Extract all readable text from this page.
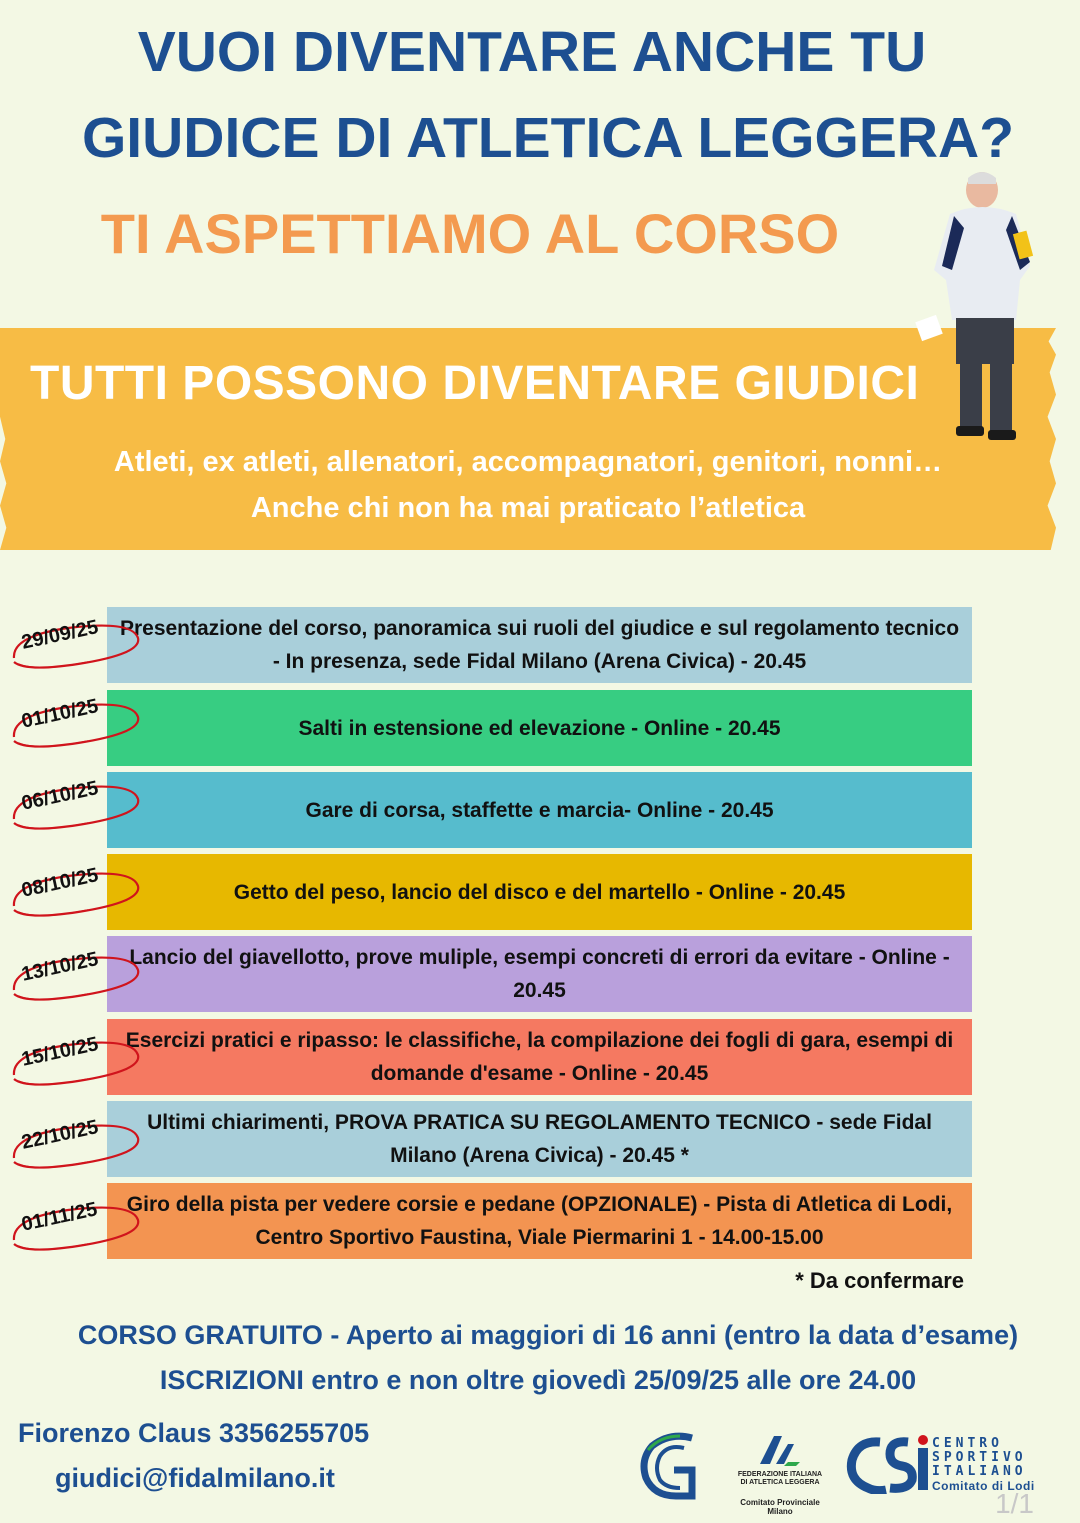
VUOI DIVENTARE ANCHE TU
GIUDICE DI ATLETICA LEGGERA?
TI ASPETTIAMO AL CORSO
TUTTI POSSONO DIVENTARE GIUDICI
Atleti, ex atleti, allenatori, accompagnatori, genitori, nonni…
Anche chi non ha mai praticato l’atletica
Presentazione del corso, panoramica sui ruoli del giudice e sul regolamento tecnico - In presenza, sede Fidal Milano (Arena Civica) - 20.45
29/09/25
Salti in estensione ed elevazione - Online - 20.45
01/10/25
Gare di corsa, staffette e marcia- Online - 20.45
06/10/25
Getto del peso, lancio del disco e del martello - Online - 20.45
08/10/25
Lancio del giavellotto, prove muliple, esempi concreti di errori da evitare - Online - 20.45
13/10/25
Esercizi pratici e ripasso: le classifiche, la compilazione dei fogli di gara, esempi di domande d'esame - Online - 20.45
15/10/25
Ultimi chiarimenti, PROVA PRATICA SU REGOLAMENTO TECNICO - sede Fidal Milano (Arena Civica) - 20.45 *
22/10/25
Giro della pista per vedere corsie e pedane (OPZIONALE) - Pista di Atletica di Lodi, Centro Sportivo Faustina, Viale Piermarini 1 - 14.00-15.00
01/11/25
* Da confermare
CORSO GRATUITO - Aperto ai maggiori di 16 anni (entro la data d’esame)
ISCRIZIONI entro e non oltre giovedì 25/09/25 alle ore 24.00
Fiorenzo Claus 3356255705
giudici@fidalmilano.it	FEDERAZIONE ITALIANA
DI ATLETICA LEGGERA
Comitato Provinciale Milano
CENTRO
SPORTIVO
ITALIANO
Comitato di Lodi
1/1
